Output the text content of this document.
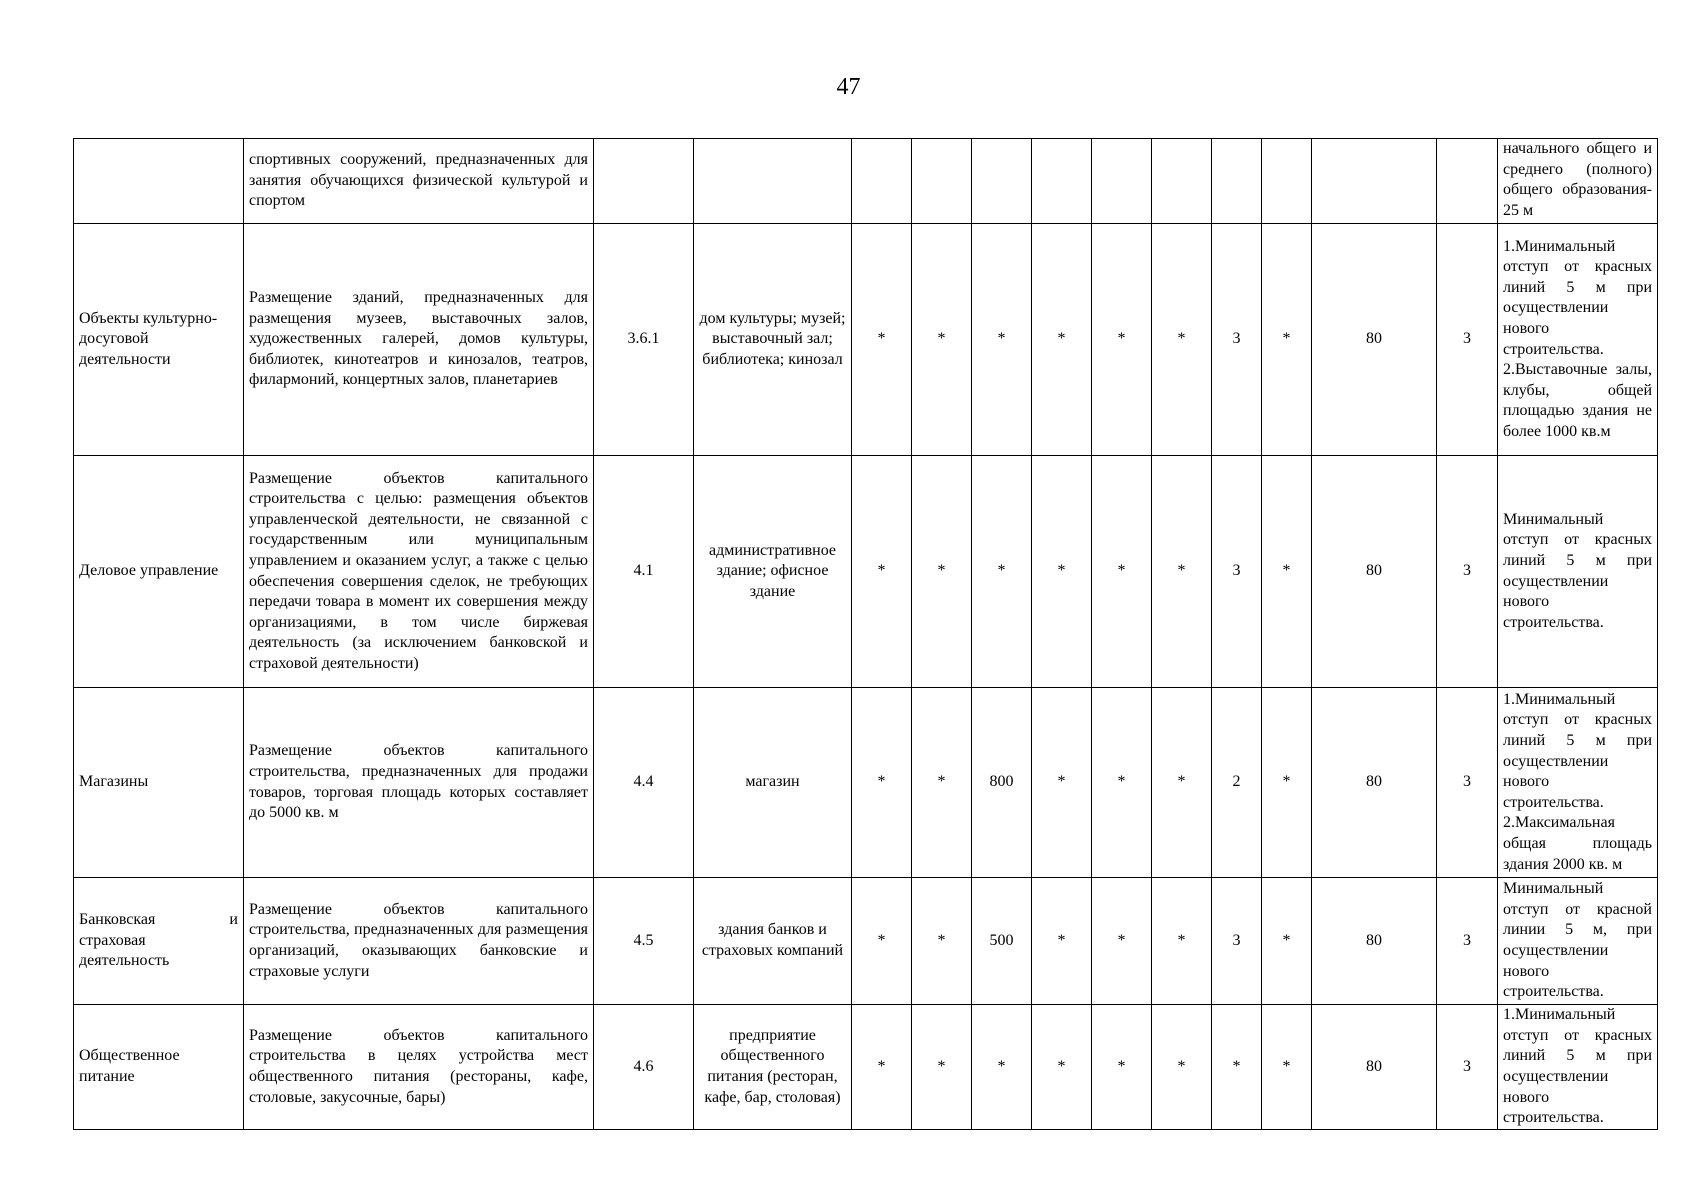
47
	спортивных сооружений, предназначенных для занятия обучающихся физической культурой и спортом													начального общего и среднего (полного) общего образования- 25 м

Объекты культурно-досуговой деятельности	Размещение зданий, предназначенных для размещения музеев, выставочных залов, художественных галерей, домов культуры, библиотек, кинотеатров и кинозалов, театров, филармоний, концертных залов, планетариев	3.6.1	дом культуры; музей; выставочный зал; библиотека; кинозал	*	*	*	*	*	*	3	*	80	3	1.Минимальный отступ от красных линий 5 м при осуществлении нового строительства.
2.Выставочные залы, клубы, общей площадью здания не более 1000 кв.м

Деловое управление	Размещение объектов капитального строительства с целью: размещения объектов управленческой деятельности, не связанной с государственным или муниципальным управлением и оказанием услуг, а также с целью обеспечения совершения сделок, не требующих передачи товара в момент их совершения между организациями, в том числе биржевая деятельность (за исключением банковской и страховой деятельности)	4.1	административное здание; офисное здание	*	*	*	*	*	*	3	*	80	3	Минимальный отступ от красных линий 5 м при осуществлении нового строительства.

Магазины	Размещение объектов капитального строительства, предназначенных для продажи товаров, торговая площадь которых составляет до 5000 кв. м	4.4	магазин	*	*	800	*	*	*	2	*	80	3	1.Минимальный отступ от красных линий 5 м при осуществлении нового строительства.
2.Максимальная общая площадь здания 2000 кв. м

Банковская и страховая деятельность	Размещение объектов капитального строительства, предназначенных для размещения организаций, оказывающих банковские и страховые услуги	4.5	здания банков и страховых компаний	*	*	500	*	*	*	3	*	80	3	Минимальный отступ от красной линии 5 м, при осуществлении нового строительства.

Общественное питание	Размещение объектов капитального строительства в целях устройства мест общественного питания (рестораны, кафе, столовые, закусочные, бары)	4.6	предприятие общественного питания (ресторан, кафе, бар, столовая)	*	*	*	*	*	*	*	*	80	3	1.Минимальный отступ от красных линий 5 м при осуществлении нового строительства.
